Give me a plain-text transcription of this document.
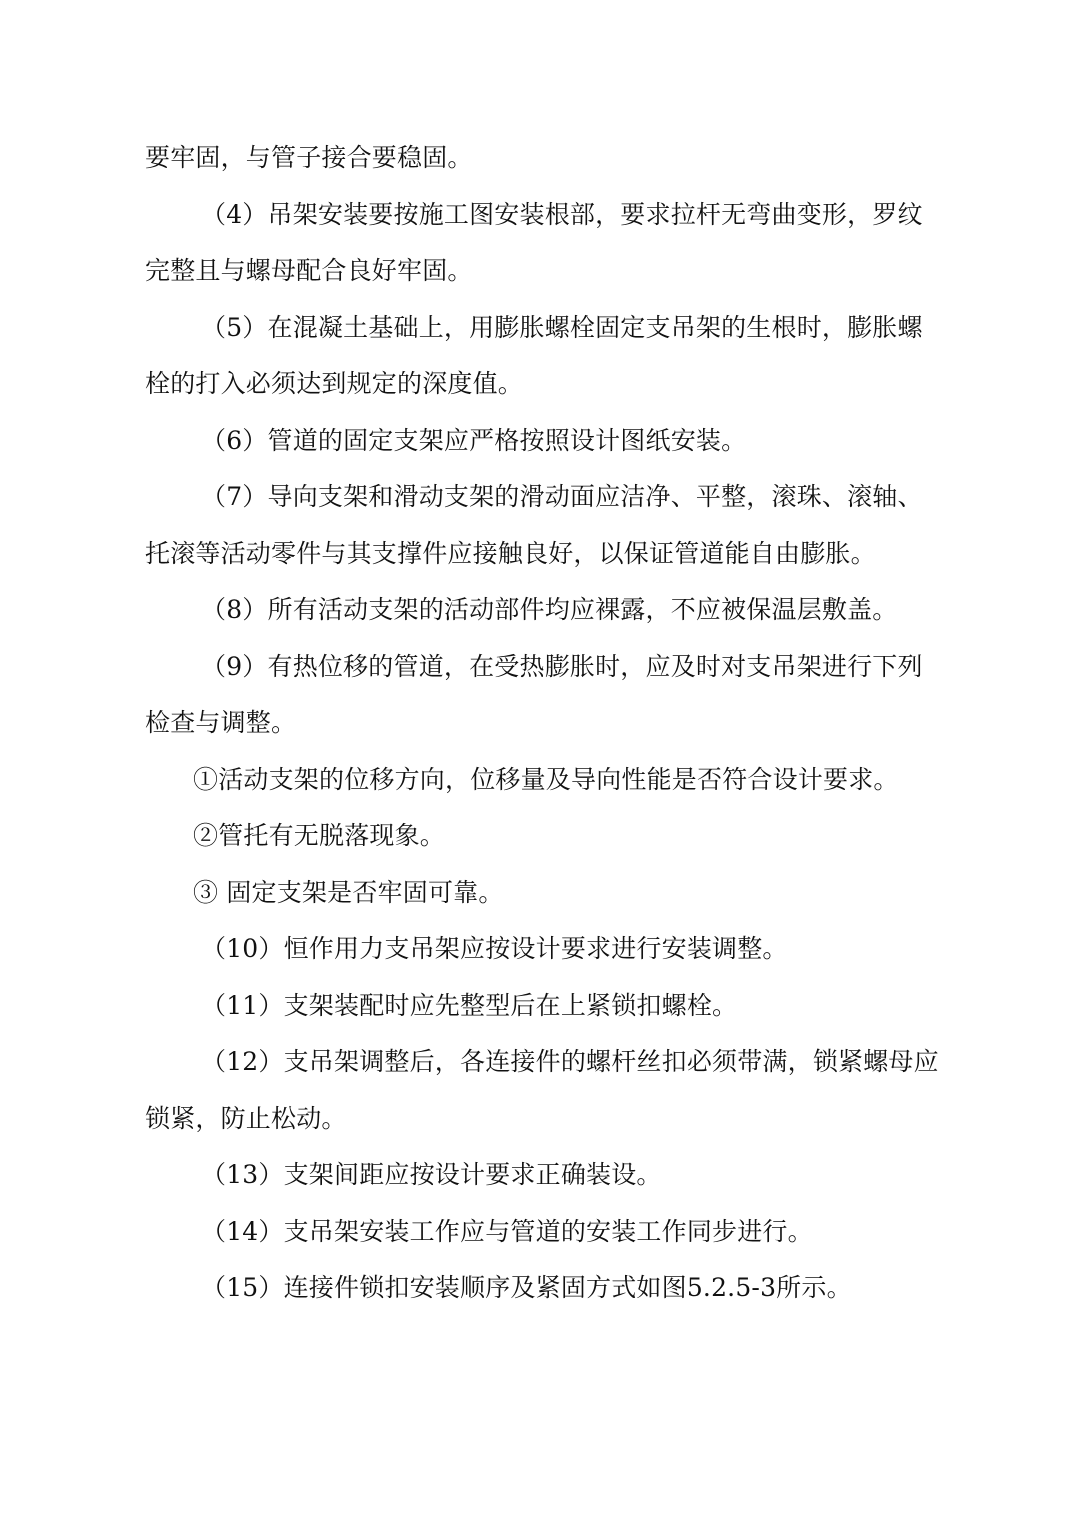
要牢固，与管子接合要稳固。

（4）吊架安装要按施工图安装根部，要求拉杆无弯曲变形，罗纹完整且与螺母配合良好牢固。

（5）在混凝土基础上，用膨胀螺栓固定支吊架的生根时，膨胀螺栓的打入必须达到规定的深度值。

（6）管道的固定支架应严格按照设计图纸安装。

（7）导向支架和滑动支架的滑动面应洁净、平整，滚珠、滚轴、托滚等活动零件与其支撑件应接触良好，以保证管道能自由膨胀。

（8）所有活动支架的活动部件均应裸露，不应被保温层敷盖。

（9）有热位移的管道，在受热膨胀时，应及时对支吊架进行下列检查与调整。

①活动支架的位移方向，位移量及导向性能是否符合设计要求。

②管托有无脱落现象。

③ 固定支架是否牢固可靠。

（10）恒作用力支吊架应按设计要求进行安装调整。

（11）支架装配时应先整型后在上紧锁扣螺栓。

（12）支吊架调整后，各连接件的螺杆丝扣必须带满，锁紧螺母应锁紧，防止松动。

（13）支架间距应按设计要求正确装设。

（14）支吊架安装工作应与管道的安装工作同步进行。

（15）连接件锁扣安装顺序及紧固方式如图5.2.5-3所示。
